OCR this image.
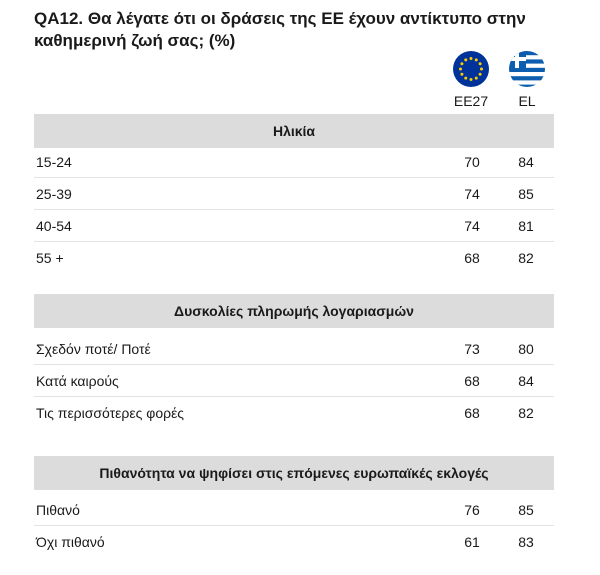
QA12. Θα λέγατε ότι οι δράσεις της ΕΕ έχουν αντίκτυπο στην καθημερινή ζωή σας; (%)
EE27	EL
Ηλικία
15-24	70	84
25-39	74	85
40-54	74	81
55 +	68	82
Δυσκολίες πληρωμής λογαριασμών
Σχεδόν ποτέ/ Ποτέ	73	80
Κατά καιρούς	68	84
Τις περισσότερες φορές	68	82
Πιθανότητα να ψηφίσει στις επόμενες ευρωπαϊκές εκλογές
Πιθανό	76	85
Όχι πιθανό	61	83
